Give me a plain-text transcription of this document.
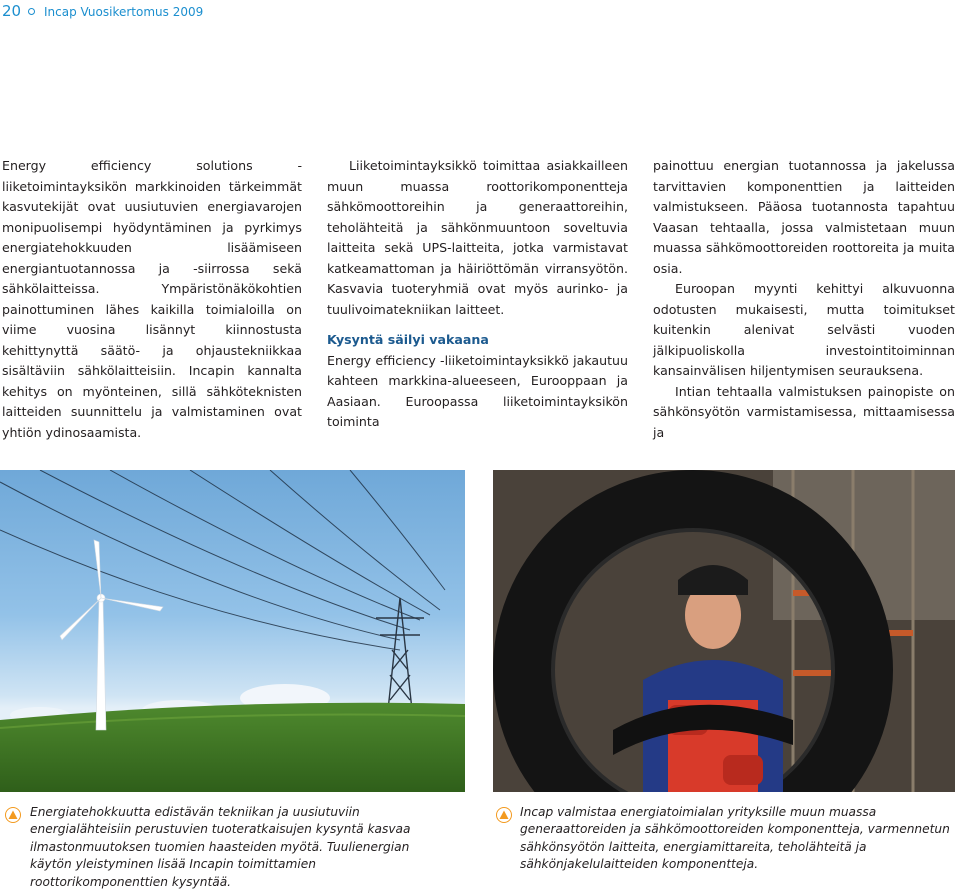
20 Incap Vuosikertomus 2009

Energy efficiency solutions -liiketoimintayksikön markkinoiden tärkeimmät kasvutekijät ovat uusiutuvien energiavarojen monipuolisempi hyödyntäminen ja pyrkimys energiatehokkuuden lisäämiseen energiantuotannossa ja -siirrossa sekä sähkölaitteissa. Ympäristönäkökohtien painottuminen lähes kaikilla toimialoilla on viime vuosina lisännyt kiinnostusta kehittynyttä säätö- ja ohjaustekniikkaa sisältäviin sähkölaitteisiin. Incapin kannalta kehitys on myönteinen, sillä sähköteknisten laitteiden suunnittelu ja valmistaminen ovat yhtiön ydinosaamista.

Liiketoimintayksikkö toimittaa asiakkailleen muun muassa roottorikomponentteja sähkömoottoreihin ja generaattoreihin, teholähteitä ja sähkönmuuntoon soveltuvia laitteita sekä UPS-laitteita, jotka varmistavat katkeamattoman ja häiriöttömän virransyötön. Kasvavia tuoteryhmiä ovat myös aurinko- ja tuulivoimatekniikan laitteet.

Kysyntä säilyi vakaana

Energy efficiency -liiketoimintayksikkö jakautuu kahteen markkina-alueeseen, Eurooppaan ja Aasiaan. Euroopassa liiketoimintayksikön toiminta

painottuu energian tuotannossa ja jakelussa tarvittavien komponenttien ja laitteiden valmistukseen. Pääosa tuotannosta tapahtuu Vaasan tehtaalla, jossa valmistetaan muun muassa sähkömoottoreiden roottoreita ja muita osia.

Euroopan myynti kehittyi alkuvuonna odotusten mukaisesti, mutta toimitukset kuitenkin alenivat selvästi vuoden jälkipuoliskolla investointitoiminnan kansainvälisen hiljentymisen seurauksena.

Intian tehtaalla valmistuksen painopiste on sähkönsyötön varmistamisessa, mittaamisessa ja

Energiatehokkuutta edistävän tekniikan ja uusiutuviin energialähteisiin perustuvien tuoteratkaisujen kysyntä kasvaa ilmastonmuutoksen tuomien haasteiden myötä. Tuulienergian käytön yleistyminen lisää Incapin toimittamien roottorikomponenttien kysyntää.
Incap valmistaa energiatoimialan yrityksille muun muassa generaattoreiden ja sähkömoottoreiden komponentteja, varmennetun sähkönsyötön laitteita, energiamittareita, teholähteitä ja sähkönjakelulaitteiden komponentteja.
